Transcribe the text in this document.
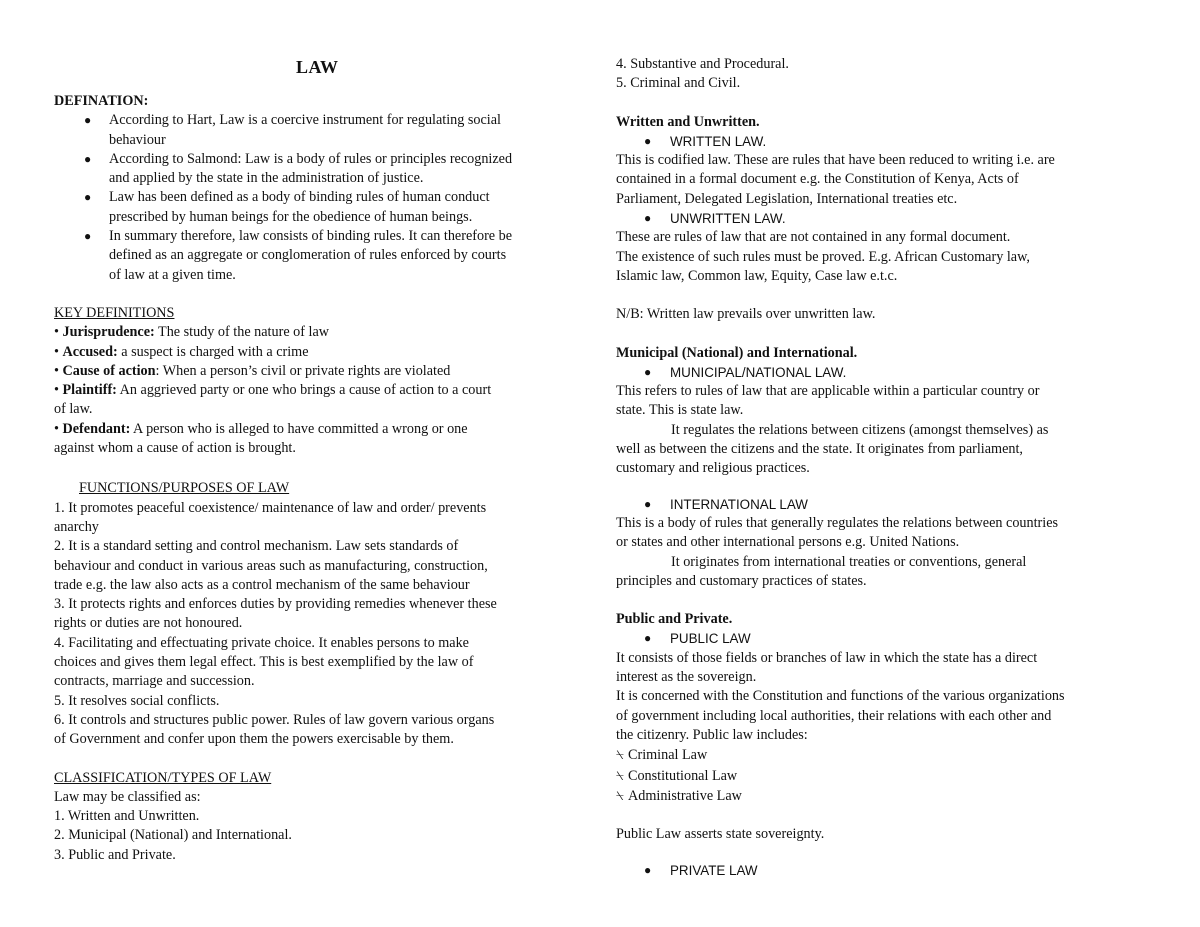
LAW
DEFINATION:
● According to Hart, Law is a coercive instrument for regulating social
behaviour
● According to Salmond: Law is a body of rules or principles recognized
and applied by the state in the administration of justice.
● Law has been defined as a body of binding rules of human conduct
prescribed by human beings for the obedience of human beings.
● In summary therefore, law consists of binding rules. It can therefore be
defined as an aggregate or conglomeration of rules enforced by courts
of law at a given time.
KEY DEFINITIONS
• Jurisprudence: The study of the nature of law
• Accused: a suspect is charged with a crime
• Cause of action: When a person’s civil or private rights are violated
• Plaintiff: An aggrieved party or one who brings a cause of action to a court
of law.
• Defendant: A person who is alleged to have committed a wrong or one
against whom a cause of action is brought.
FUNCTIONS/PURPOSES OF LAW
1. It promotes peaceful coexistence/ maintenance of law and order/ prevents
anarchy
2. It is a standard setting and control mechanism. Law sets standards of
behaviour and conduct in various areas such as manufacturing, construction,
trade e.g. the law also acts as a control mechanism of the same behaviour
3. It protects rights and enforces duties by providing remedies whenever these
rights or duties are not honoured.
4. Facilitating and effectuating private choice. It enables persons to make
choices and gives them legal effect. This is best exemplified by the law of
contracts, marriage and succession.
5. It resolves social conflicts.
6. It controls and structures public power. Rules of law govern various organs
of Government and confer upon them the powers exercisable by them.
CLASSIFICATION/TYPES OF LAW
Law may be classified as:
1. Written and Unwritten.
2. Municipal (National) and International.
3. Public and Private.
4. Substantive and Procedural.
5. Criminal and Civil.
Written and Unwritten.
● WRITTEN LAW.
This is codified law. These are rules that have been reduced to writing i.e. are
contained in a formal document e.g. the Constitution of Kenya, Acts of
Parliament, Delegated Legislation, International treaties etc.
● UNWRITTEN LAW.
These are rules of law that are not contained in any formal document.
The existence of such rules must be proved. E.g. African Customary law,
Islamic law, Common law, Equity, Case law e.t.c.
N/B: Written law prevails over unwritten law.
Municipal (National) and International.
● MUNICIPAL/NATIONAL LAW.
This refers to rules of law that are applicable within a particular country or
state. This is state law.
It regulates the relations between citizens (amongst themselves) as
well as between the citizens and the state. It originates from parliament,
customary and religious practices.
● INTERNATIONAL LAW
This is a body of rules that generally regulates the relations between countries
or states and other international persons e.g. United Nations.
It originates from international treaties or conventions, general
principles and customary practices of states.
Public and Private.
● PUBLIC LAW
It consists of those fields or branches of law in which the state has a direct
interest as the sovereign.
It is concerned with the Constitution and functions of the various organizations
of government including local authorities, their relations with each other and
the citizenry. Public law includes:
⍀ Criminal Law
⍀ Constitutional Law
⍀ Administrative Law
Public Law asserts state sovereignty.
● PRIVATE LAW
